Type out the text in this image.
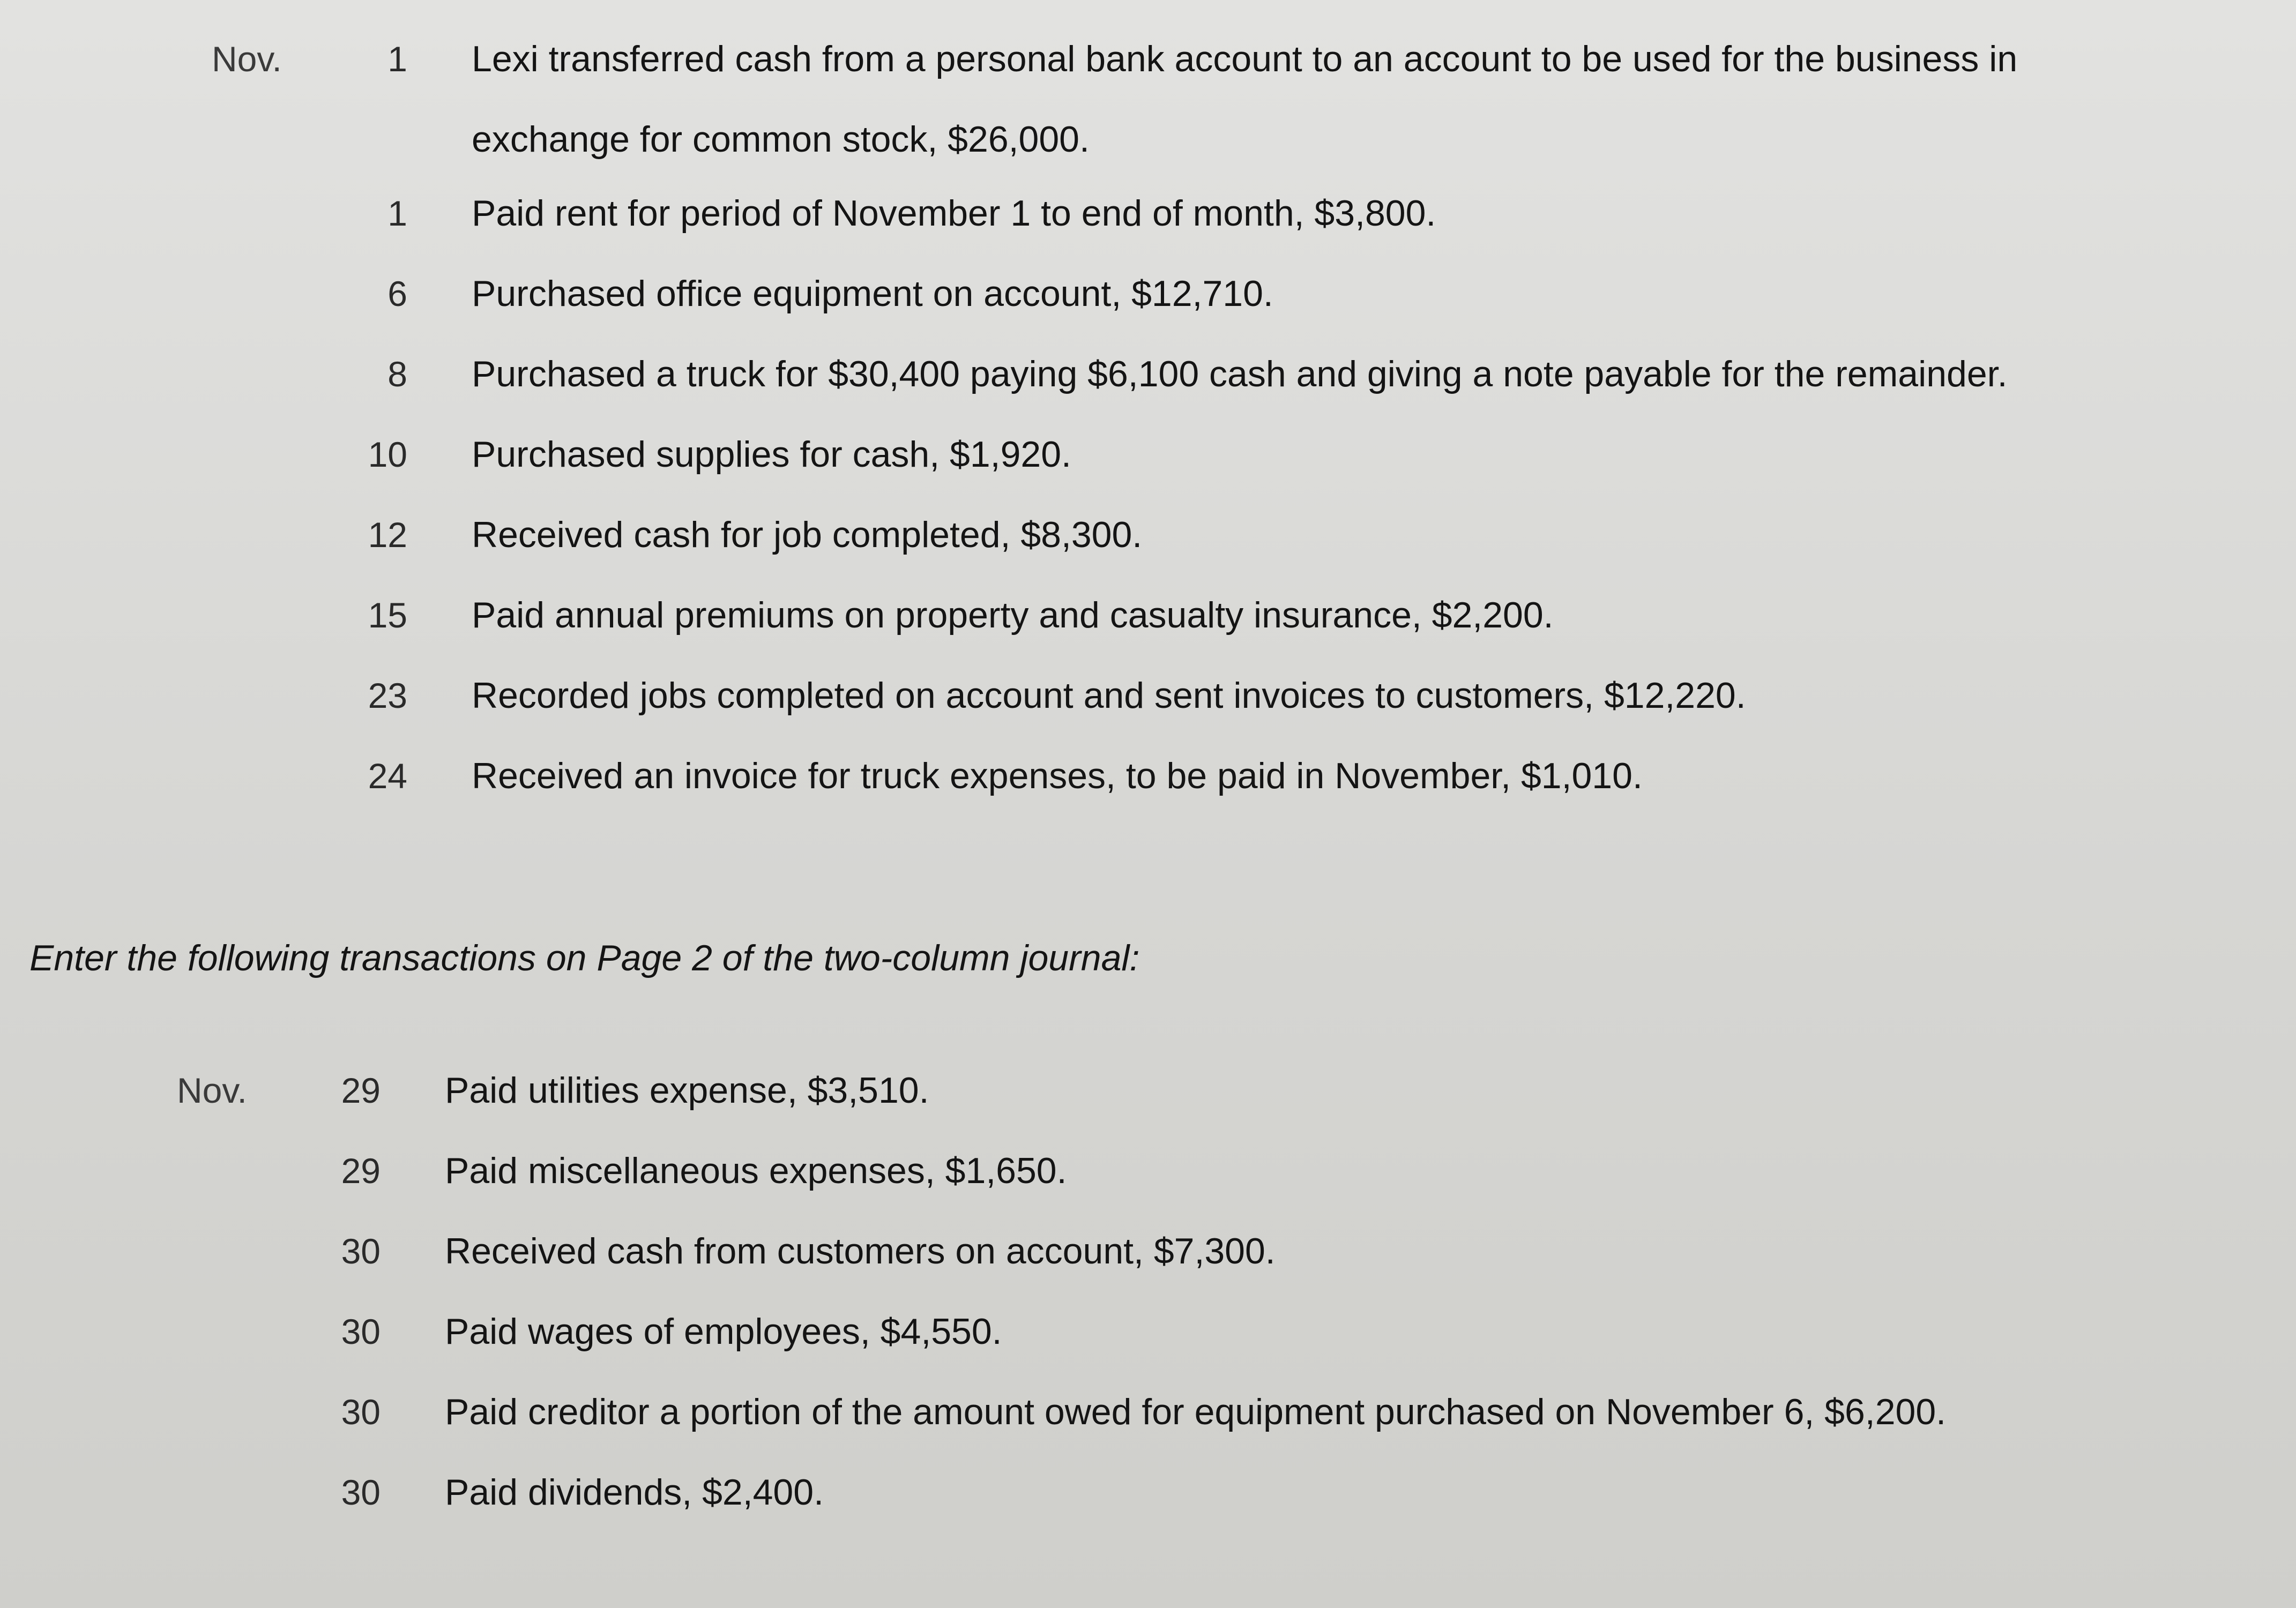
Nov.	1 Lexi transferred cash from a personal bank account to an account to be used for the business in
exchange for common stock, $26,000.
1 Paid rent for period of November 1 to end of month, $3,800.
6 Purchased office equipment on account, $12,710.
8 Purchased a truck for $30,400 paying $6,100 cash and giving a note payable for the remainder.
10 Purchased supplies for cash, $1,920.
12 Received cash for job completed, $8,300.
15 Paid annual premiums on property and casualty insurance, $2,200.
23 Recorded jobs completed on account and sent invoices to customers, $12,220.
24 Received an invoice for truck expenses, to be paid in November, $1,010.
Enter the following transactions on Page 2 of the two-column journal:
Nov.	29 Paid utilities expense, $3,510.
29 Paid miscellaneous expenses, $1,650.
30 Received cash from customers on account, $7,300.
30 Paid wages of employees, $4,550.
30 Paid creditor a portion of the amount owed for equipment purchased on November 6, $6,200.
30 Paid dividends, $2,400.
